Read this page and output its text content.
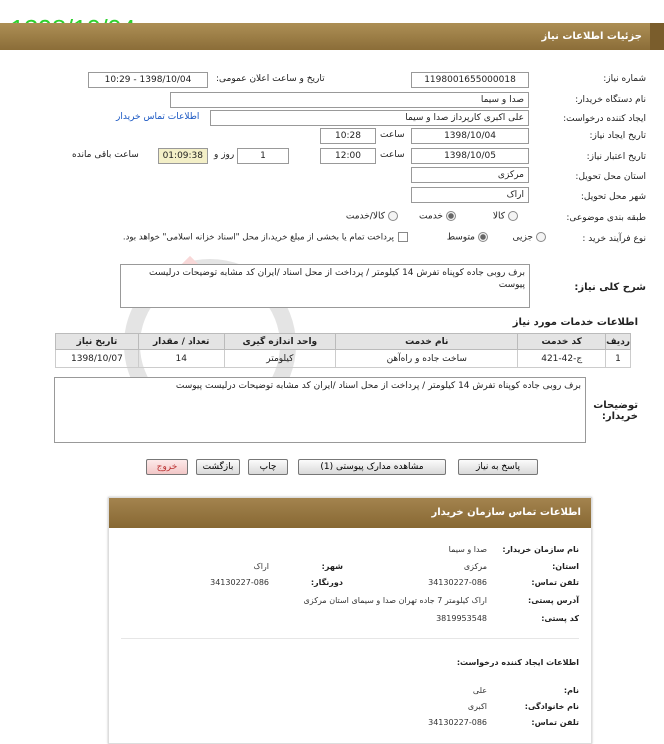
جزئیات اطلاعات نیاز
شماره نیاز:
1198001655000018
تاریخ و ساعت اعلان عمومی:
1398/10/04 - 10:29
نام دستگاه خریدار:
صدا و سیما
ایجاد کننده درخواست:
علی اکبری کارپرداز صدا و سیما
اطلاعات تماس خریدار
تاریخ ایجاد نیاز:
1398/10/04
ساعت
10:28
تاریخ اعتبار نیاز:
1398/10/05
ساعت
12:00
1
روز و
01:09:38
ساعت باقی مانده
استان محل تحویل:
مرکزی
شهر محل تحویل:
اراک
طبقه بندی موضوعی:
کالا
خدمت
کالا/خدمت
نوع فرآیند خرید :
جزیی
متوسط
پرداخت تمام یا بخشی از مبلغ خرید،از محل "اسناد خزانه اسلامی" خواهد بود.
شرح کلی نیاز:
برف روبی جاده کوپناه تفرش 14 کیلومتر / پرداخت از محل اسناد /ایران کد مشابه توضیحات درلیست پیوست
اطلاعات خدمات مورد نیاز
ردیف	کد خدمت	نام خدمت	واحد اندازه گیری	تعداد / مقدار	تاریخ نیاز
1	ج-42-421	ساخت جاده و راه‌آهن	کیلومتر	14	1398/10/07
توضیحات خریدار:
برف روبی جاده کوپناه تفرش 14 کیلومتر / پرداخت از محل اسناد /ایران کد مشابه توضیحات درلیست پیوست
پاسخ به نیاز
مشاهده مدارک پیوستی (1)
چاپ
بازگشت
خروج
اطلاعات تماس سازمان خریدار
نام سازمان خریدار:
صدا و سیما
استان:
مرکزی
شهر:
اراک
تلفن تماس:
34130227-086
دورنگار:
34130227-086
آدرس پستی:
اراک کیلومتر 7 جاده تهران صدا و سیمای استان مرکزی
کد پستی:
3819953548
اطلاعات ایجاد کننده درخواست:
نام:
علی
نام خانوادگی:
اکبری
تلفن تماس:
34130227-086
